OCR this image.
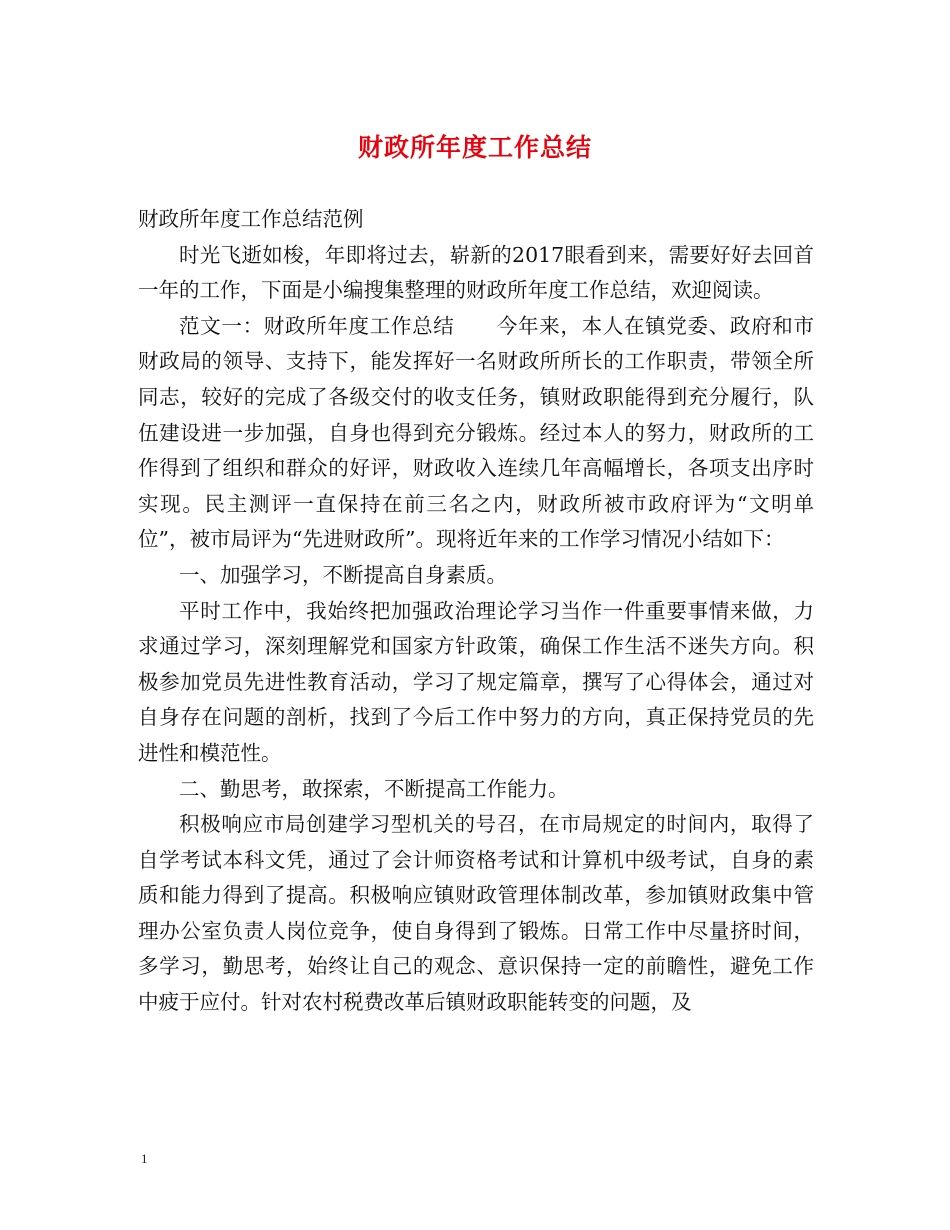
财政所年度工作总结

财政所年度工作总结范例

时光飞逝如梭，年即将过去，崭新的2017眼看到来，需要好好去回首一年的工作，下面是小编搜集整理的财政所年度工作总结，欢迎阅读。

范文一：财政所年度工作总结　　今年来，本人在镇党委、政府和市财政局的领导、支持下，能发挥好一名财政所所长的工作职责，带领全所同志，较好的完成了各级交付的收支任务，镇财政职能得到充分履行，队伍建设进一步加强，自身也得到充分锻炼。经过本人的努力，财政所的工作得到了组织和群众的好评，财政收入连续几年高幅增长，各项支出序时实现。民主测评一直保持在前三名之内，财政所被市政府评为“文明单位”，被市局评为“先进财政所”。现将近年来的工作学习情况小结如下：

一、加强学习，不断提高自身素质。

平时工作中，我始终把加强政治理论学习当作一件重要事情来做，力求通过学习，深刻理解党和国家方针政策，确保工作生活不迷失方向。积极参加党员先进性教育活动，学习了规定篇章，撰写了心得体会，通过对自身存在问题的剖析，找到了今后工作中努力的方向，真正保持党员的先进性和模范性。

二、勤思考，敢探索，不断提高工作能力。

积极响应市局创建学习型机关的号召，在市局规定的时间内，取得了自学考试本科文凭，通过了会计师资格考试和计算机中级考试，自身的素质和能力得到了提高。积极响应镇财政管理体制改革，参加镇财政集中管理办公室负责人岗位竞争，使自身得到了锻炼。日常工作中尽量挤时间，多学习，勤思考，始终让自己的观念、意识保持一定的前瞻性，避免工作中疲于应付。针对农村税费改革后镇财政职能转变的问题，及

1
